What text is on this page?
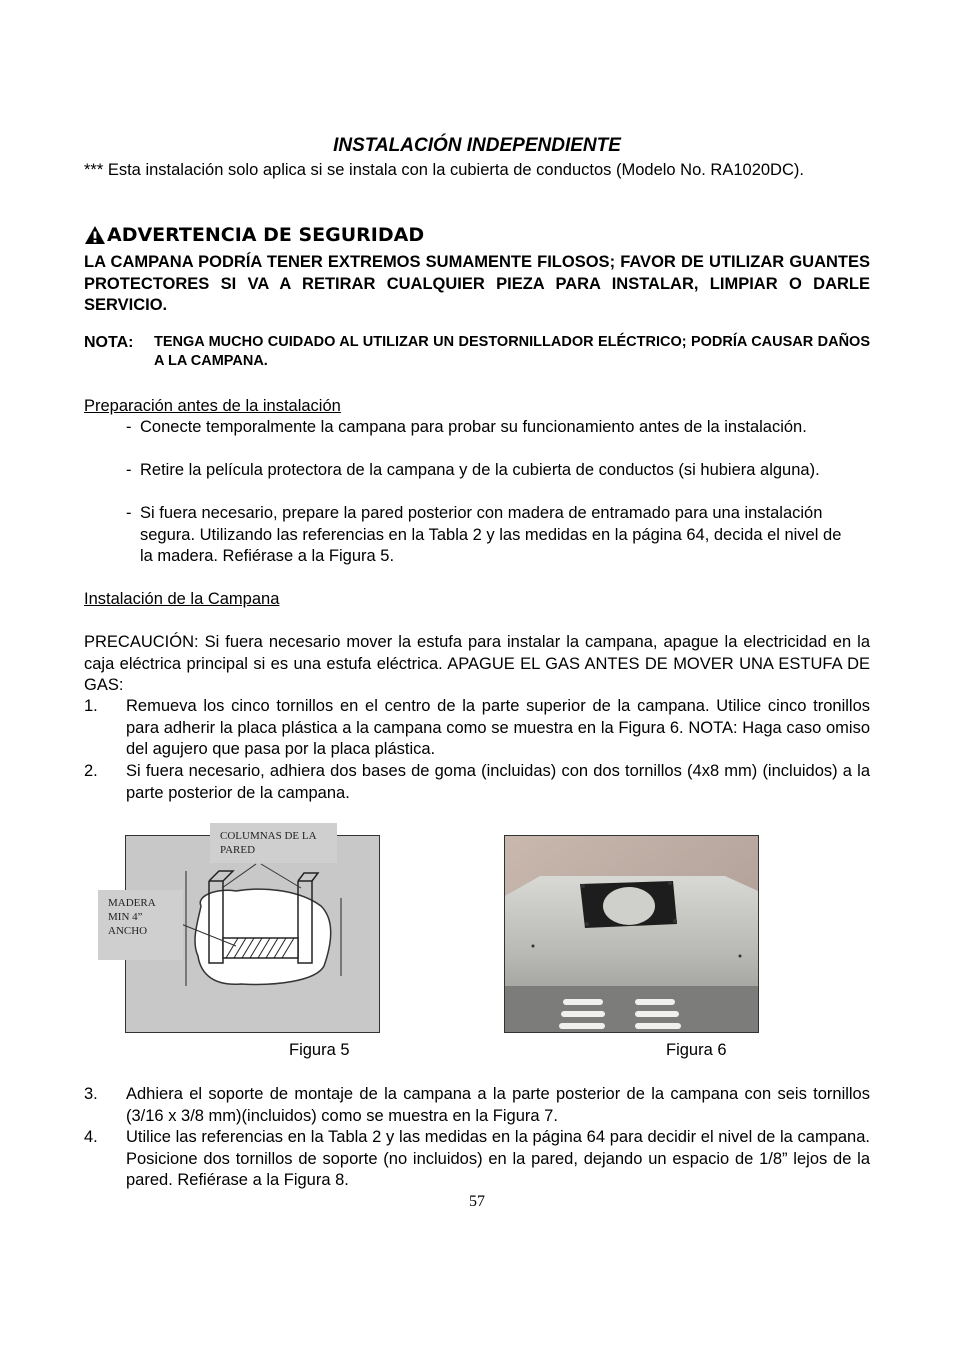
INSTALACIÓN INDEPENDIENTE
*** Esta instalación solo aplica si se instala con la cubierta de conductos (Modelo No. RA1020DC).
ADVERTENCIA DE SEGURIDAD
LA CAMPANA PODRÍA TENER EXTREMOS SUMAMENTE FILOSOS; FAVOR DE UTILIZAR GUANTES PROTECTORES SI VA A RETIRAR CUALQUIER PIEZA PARA INSTALAR, LIMPIAR O DARLE SERVICIO.
NOTA: TENGA MUCHO CUIDADO AL UTILIZAR UN DESTORNILLADOR ELÉCTRICO; PODRÍA CAUSAR DAÑOS A LA CAMPANA.
Preparación antes de la instalación
- Conecte temporalmente la campana para probar su funcionamiento antes de la instalación.
- Retire la película protectora de la campana y de la cubierta de conductos (si hubiera alguna).
- Si fuera necesario, prepare la pared posterior con madera de entramado para una instalación segura. Utilizando las referencias en la Tabla 2 y las medidas en la página 64, decida el nivel de la madera. Refiérase a la Figura 5.
Instalación de la Campana
PRECAUCIÓN: Si fuera necesario mover la estufa para instalar la campana, apague la electricidad en la caja eléctrica principal si es una estufa eléctrica. APAGUE EL GAS ANTES DE MOVER UNA ESTUFA DE GAS:
1. Remueva los cinco tornillos en el centro de la parte superior de la campana. Utilice cinco tronillos para adherir la placa plástica a la campana como se muestra en la Figura 6. NOTA: Haga caso omiso del agujero que pasa por la placa plástica.
2. Si fuera necesario, adhiera dos bases de goma (incluidas) con dos tornillos (4x8 mm) (incluidos) a la parte posterior de la campana.
COLUMNAS DE LA PARED
MADERA MIN 4” ANCHO
Figura 5	Figura 6
3. Adhiera el soporte de montaje de la campana a la parte posterior de la campana con seis tornillos (3/16 x 3/8 mm)(incluidos) como se muestra en la Figura 7.
4. Utilice las referencias en la Tabla 2 y las medidas en la página 64 para decidir el nivel de la campana. Posicione dos tornillos de soporte (no incluidos) en la pared, dejando un espacio de 1/8” lejos de la pared. Refiérase a la Figura 8.
57
